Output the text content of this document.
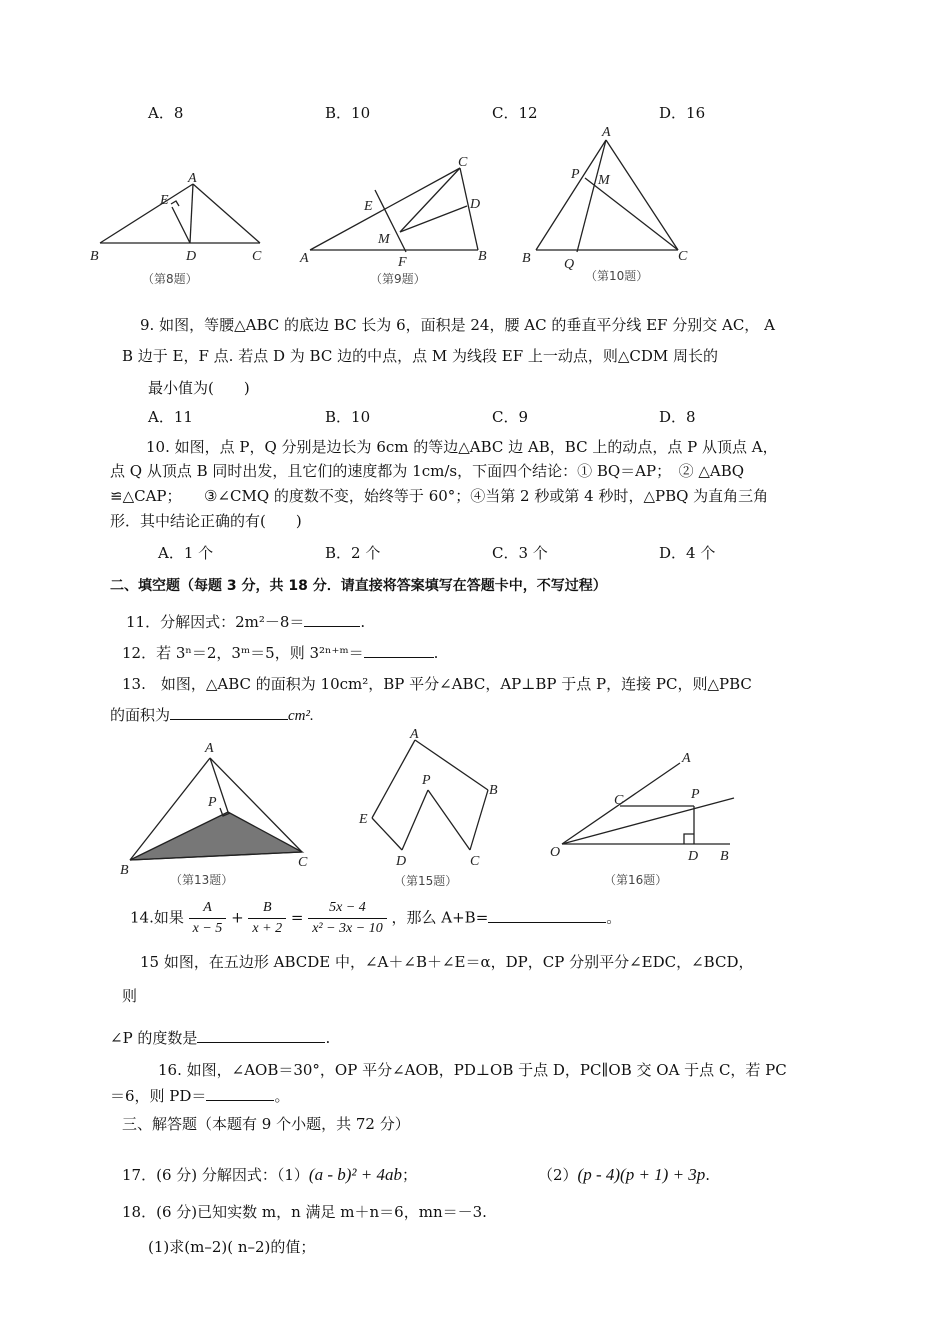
A．8	B．10	C．12	D．16
A
E
B	D	C
（第8题）
C
E	D
M
A	F	B
（第9题）
A
P M
B Q
C
（第10题）
9. 如图，等腰△ABC 的底边 BC 长为 6，面积是 24，腰 AC 的垂直平分线 EF 分别交 AC， A
B 边于 E，F 点. 若点 D 为 BC 边的中点，点 M 为线段 EF 上一动点，则△CDM 周长的
最小值为(　　)
A．11	B．10	C．9	D．8
10. 如图，点 P，Q 分别是边长为 6cm 的等边△ABC 边 AB，BC 上的动点，点 P 从顶点 A，
点 Q 从顶点 B 同时出发，且它们的速度都为 1cm/s，下面四个结论：① BQ＝AP；　② △ABQ
≌△CAP；　　③∠CMQ 的度数不变，始终等于 60°；④当第 2 秒或第 4 秒时，△PBQ 为直角三角
形．其中结论正确的有(　　)
A．1 个	B．2 个	C．3 个	D．4 个
二、填空题（每题 3 分，共 18 分．请直接将答案填写在答题卡中，不写过程）
11．分解因式：2m²－8＝	.
12．若 3ⁿ＝2，3ᵐ＝5，则 3²ⁿ⁺ᵐ＝	.
13.　如图，△ABC 的面积为 10cm²，BP 平分∠ABC，AP⊥BP 于点 P，连接 PC，则△PBC
的面积为	cm².
A
P
B
C
（第13题）
A
E
P
B
D	C
（第15题）
A
C	P
O	D B
（第16题）
14.如果 $\frac{A}{x - 5} + \frac{B}{x + 2} = \frac{5x - 4}{\text{x² − 3x − 10}}$ ，那么 A+B=	。
15 如图，在五边形 ABCDE 中，∠A＋∠B＋∠E＝α，DP，CP 分别平分∠EDC，∠BCD，
则
∠P 的度数是	.
16. 如图，∠AOB＝30°，OP 平分∠AOB，PD⊥OB 于点 D，PC∥OB 交 OA 于点 C，若 PC
＝6，则 PD＝	。
三、解答题（本题有 9 个小题，共 72 分）
17．(6 分) 分解因式：（1）(a - b)² + 4ab；	（2）(p - 4)(p + 1) + 3p.
18．(6 分)已知实数 m，n 满足 m＋n＝6，mn＝－3.
(1)求(m–2)( n–2)的值；
